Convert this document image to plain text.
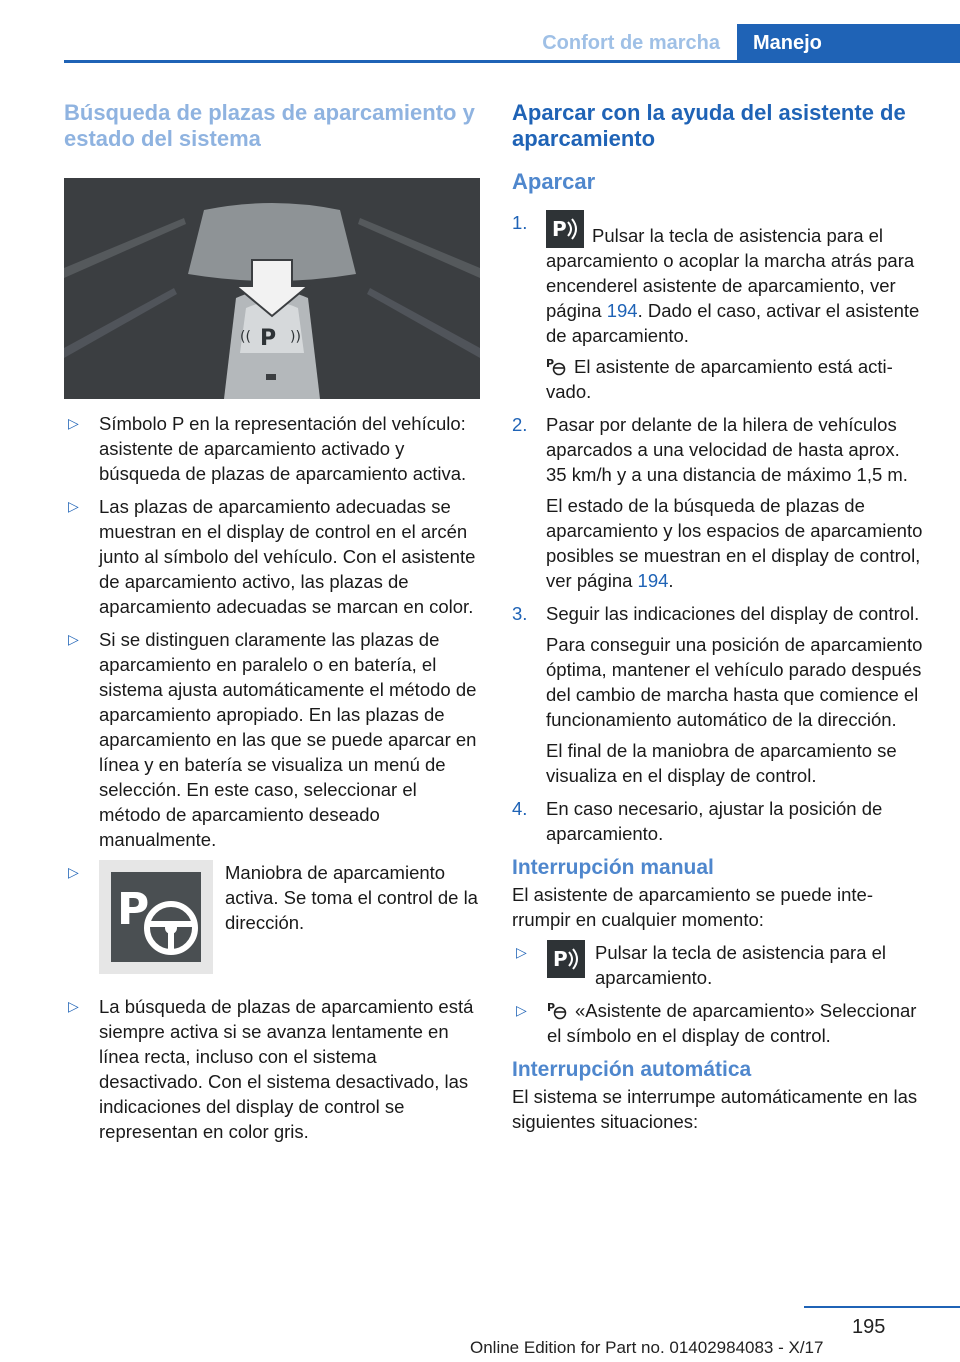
Confort de marcha	Manejo
Búsqueda de plazas de aparcamiento y estado del sistema
P
((	))
▷ Símbolo P en la representación del vehículo: asistente de aparcamiento activado y búsqueda de plazas de aparcamiento activa.
▷ Las plazas de aparcamiento adecuadas se muestran en el display de control en el arcén junto al símbolo del vehículo. Con el asistente de aparcamiento activo, las plazas de aparcamiento adecuadas se marcan en color.
▷ Si se distinguen claramente las plazas de aparcamiento en paralelo o en batería, el sistema ajusta automáticamente el método de aparcamiento apropiado. En las plazas de aparcamiento en las que se puede aparcar en línea y en batería se visualiza un menú de selección. En este caso, seleccionar el método de aparcamiento deseado manualmente.
▷
P
Maniobra de aparcamiento activa. Se toma el control de la dirección.
▷ La búsqueda de plazas de aparcamiento está siempre activa si se avanza lentamente en línea recta, incluso con el sistema desactivado. Con el sistema desactivado, las indicaciones del display de control se representan en color gris.
Aparcar con la ayuda del asistente de aparcamiento
Aparcar
1. P Pulsar la tecla de asistencia para el aparcamiento o acoplar la marcha atrás para encenderel asistente de aparcamiento, ver página 194. Dado el caso, activar el asistente de aparcamiento.

P El asistente de aparcamiento está activado.

2. Pasar por delante de la hilera de vehículos aparcados a una velocidad de hasta aprox. 35 km/h y a una distancia de máximo 1,5 m.

El estado de la búsqueda de plazas de aparcamiento y los espacios de aparcamiento posibles se muestran en el display de control, ver página 194.

3. Seguir las indicaciones del display de control.

Para conseguir una posición de aparcamiento óptima, mantener el vehículo parado después del cambio de marcha hasta que comience el funcionamiento automático de la dirección.

El final de la maniobra de aparcamiento se visualiza en el display de control.

4. En caso necesario, ajustar la posición de aparcamiento.

Interrupción manual

El asistente de aparcamiento se puede interrumpir en cualquier momento:

▷ P Pulsar la tecla de asistencia para el aparcamiento.
▷ P «Asistente de aparcamiento» Seleccionar el símbolo en el display de control.
Interrupción automática

El sistema se interrumpe automáticamente en las siguientes situaciones:

195
Online Edition for Part no. 01402984083 - X/17
